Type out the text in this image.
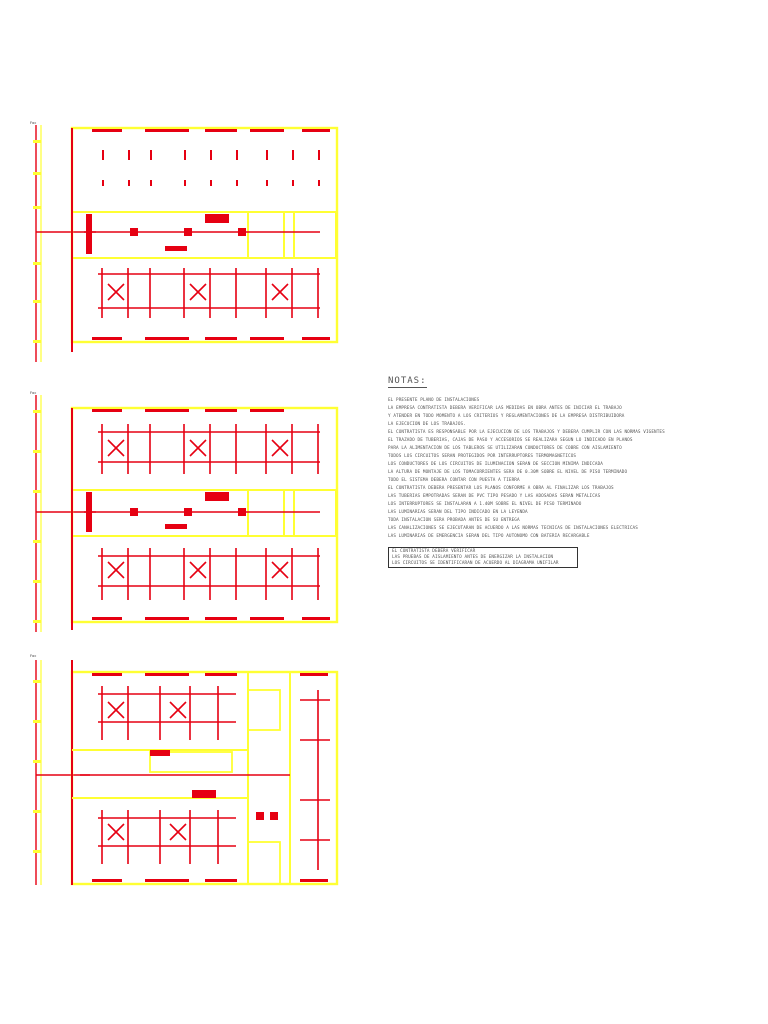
Foc
Foc
Foc
NOTAS:
EL PRESENTE PLANO DE INSTALACIONES
LA EMPRESA CONTRATISTA DEBERA VERIFICAR LAS MEDIDAS EN OBRA ANTES DE INICIAR EL TRABAJO
Y ATENDER EN TODO MOMENTO A LOS CRITERIOS Y REGLAMENTACIONES DE LA EMPRESA DISTRIBUIDORA
LA EJECUCION DE LOS TRABAJOS.
EL CONTRATISTA ES RESPONSABLE POR LA EJECUCION DE LOS TRABAJOS Y DEBERA CUMPLIR CON LAS NORMAS VIGENTES
EL TRAZADO DE TUBERIAS, CAJAS DE PASO Y ACCESORIOS SE REALIZARA SEGUN LO INDICADO EN PLANOS
PARA LA ALIMENTACION DE LOS TABLEROS SE UTILIZARAN CONDUCTORES DE COBRE CON AISLAMIENTO
TODOS LOS CIRCUITOS SERAN PROTEGIDOS POR INTERRUPTORES TERMOMAGNETICOS
LOS CONDUCTORES DE LOS CIRCUITOS DE ILUMINACION SERAN DE SECCION MINIMA INDICADA
LA ALTURA DE MONTAJE DE LOS TOMACORRIENTES SERA DE 0.30M SOBRE EL NIVEL DE PISO TERMINADO
TODO EL SISTEMA DEBERA CONTAR CON PUESTA A TIERRA
EL CONTRATISTA DEBERA PRESENTAR LOS PLANOS CONFORME A OBRA AL FINALIZAR LOS TRABAJOS
LAS TUBERIAS EMPOTRADAS SERAN DE PVC TIPO PESADO Y LAS ADOSADAS SERAN METALICAS
LOS INTERRUPTORES SE INSTALARAN A 1.40M SOBRE EL NIVEL DE PISO TERMINADO
LAS LUMINARIAS SERAN DEL TIPO INDICADO EN LA LEYENDA
TODA INSTALACION SERA PROBADA ANTES DE SU ENTREGA
LAS CANALIZACIONES SE EJECUTARAN DE ACUERDO A LAS NORMAS TECNICAS DE INSTALACIONES ELECTRICAS
LAS LUMINARIAS DE EMERGENCIA SERAN DEL TIPO AUTONOMO CON BATERIA RECARGABLE
EL CONTRATISTA DEBERA VERIFICAR
LAS PRUEBAS DE AISLAMIENTO ANTES DE ENERGIZAR LA INSTALACION
LOS CIRCUITOS SE IDENTIFICARAN DE ACUERDO AL DIAGRAMA UNIFILAR
